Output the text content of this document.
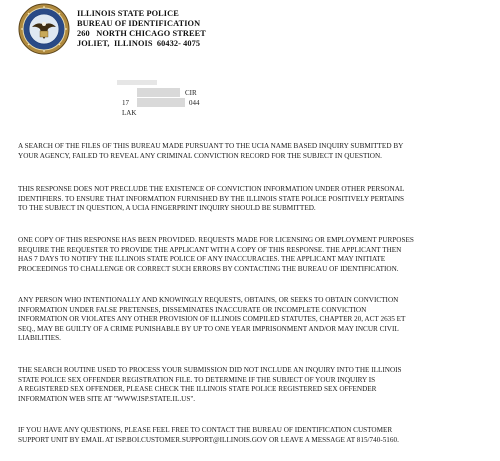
ILLINOIS STATE POLICE
BUREAU OF IDENTIFICATION
260   NORTH CHICAGO STREET
JOLIET,  ILLINOIS  60432- 4075

17

CIR

LAK

044

A SEARCH OF THE FILES OF THIS BUREAU MADE PURSUANT TO THE UCIA NAME BASED INQUIRY SUBMITTED BY
YOUR AGENCY, FAILED TO REVEAL ANY CRIMINAL CONVICTION RECORD FOR THE SUBJECT IN QUESTION.
THIS RESPONSE DOES NOT PRECLUDE THE EXISTENCE OF CONVICTION INFORMATION UNDER OTHER PERSONAL
IDENTIFIERS. TO ENSURE THAT INFORMATION FURNISHED BY THE ILLINOIS STATE POLICE POSITIVELY PERTAINS
TO THE SUBJECT IN QUESTION, A UCIA FINGERPRINT INQUIRY SHOULD BE SUBMITTED.
ONE COPY OF THIS RESPONSE HAS BEEN PROVIDED. REQUESTS MADE FOR LICENSING OR EMPLOYMENT PURPOSES
REQUIRE THE REQUESTER TO PROVIDE THE APPLICANT WITH A COPY OF THIS RESPONSE. THE APPLICANT THEN
HAS 7 DAYS TO NOTIFY THE ILLINOIS STATE POLICE OF ANY INACCURACIES. THE APPLICANT MAY INITIATE
PROCEEDINGS TO CHALLENGE OR CORRECT SUCH ERRORS BY CONTACTING THE BUREAU OF IDENTIFICATION.
ANY PERSON WHO INTENTIONALLY AND KNOWINGLY REQUESTS, OBTAINS, OR SEEKS TO OBTAIN CONVICTION
INFORMATION UNDER FALSE PRETENSES, DISSEMINATES INACCURATE OR INCOMPLETE CONVICTION
INFORMATION OR VIOLATES ANY OTHER PROVISION OF ILLINOIS COMPILED STATUTES, CHAPTER 20, ACT 2635 ET
SEQ., MAY BE GUILTY OF A CRIME PUNISHABLE BY UP TO ONE YEAR IMPRISONMENT AND/OR MAY INCUR CIVIL
LIABILITIES.
THE SEARCH ROUTINE USED TO PROCESS YOUR SUBMISSION DID NOT INCLUDE AN INQUIRY INTO THE ILLINOIS
STATE POLICE SEX OFFENDER REGISTRATION FILE. TO DETERMINE IF THE SUBJECT OF YOUR INQUIRY IS
A REGISTERED SEX OFFENDER, PLEASE CHECK THE ILLINOIS STATE POLICE REGISTERED SEX OFFENDER
INFORMATION WEB SITE AT "WWW.ISP.STATE.IL.US".
IF YOU HAVE ANY QUESTIONS, PLEASE FEEL FREE TO CONTACT THE BUREAU OF IDENTIFICATION CUSTOMER
SUPPORT UNIT BY EMAIL AT ISP.BOI.CUSTOMER.SUPPORT@ILLINOIS.GOV OR LEAVE A MESSAGE AT 815/740-5160.
